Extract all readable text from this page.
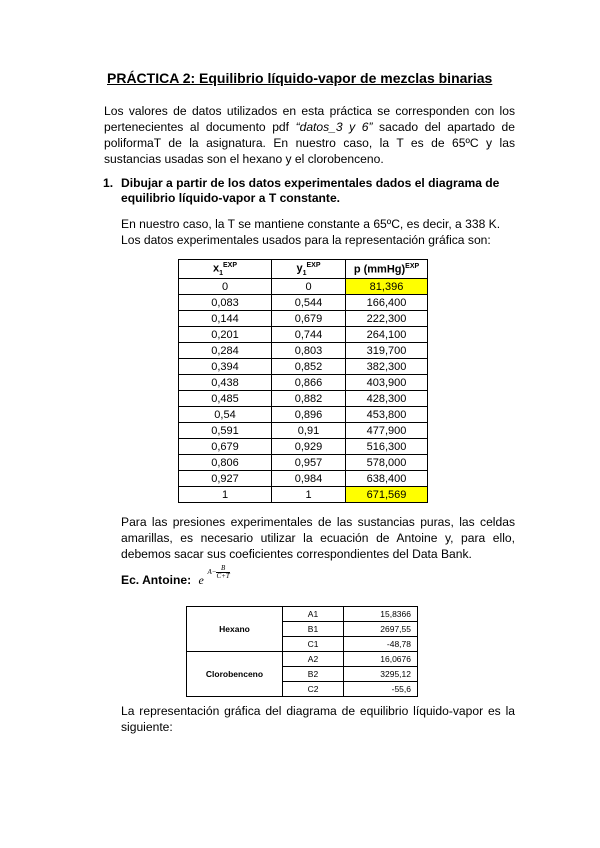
PRÁCTICA 2: Equilibrio líquido-vapor de mezclas binarias
Los valores de datos utilizados en esta práctica se corresponden con los pertenecientes al documento pdf “datos_3 y 6” sacado del apartado de poliformaT de la asignatura. En nuestro caso, la T es de 65ºC y las sustancias usadas son el hexano y el clorobenceno.
1. Dibujar a partir de los datos experimentales dados el diagrama de equilibrio líquido-vapor a T constante.
En nuestro caso, la T se mantiene constante a 65ºC, es decir, a 338 K.
Los datos experimentales usados para la representación gráfica son:
$x_1^{EXP}$	$y_1^{EXP}$	p (mmHg)$^{EXP}$
0	0	81,396
0,083	0,544	166,400
0,144	0,679	222,300
0,201	0,744	264,100
0,284	0,803	319,700
0,394	0,852	382,300
0,438	0,866	403,900
0,485	0,882	428,300
0,54	0,896	453,800
0,591	0,91	477,900
0,679	0,929	516,300
0,806	0,957	578,000
0,927	0,984	638,400
1	1	671,569
Para las presiones experimentales de las sustancias puras, las celdas amarillas, es necesario utilizar la ecuación de Antoine y, para ello, debemos sacar sus coeficientes correspondientes del Data Bank.
Ec. Antoine: e
$A- \frac{B}{C+T}$
Hexano	A1	15,8366
	B1	2697,55
	C1	-48,78
Clorobenceno	A2	16,0676
	B2	3295,12
	C2	-55,6
La representación gráfica del diagrama de equilibrio líquido-vapor es la siguiente:
